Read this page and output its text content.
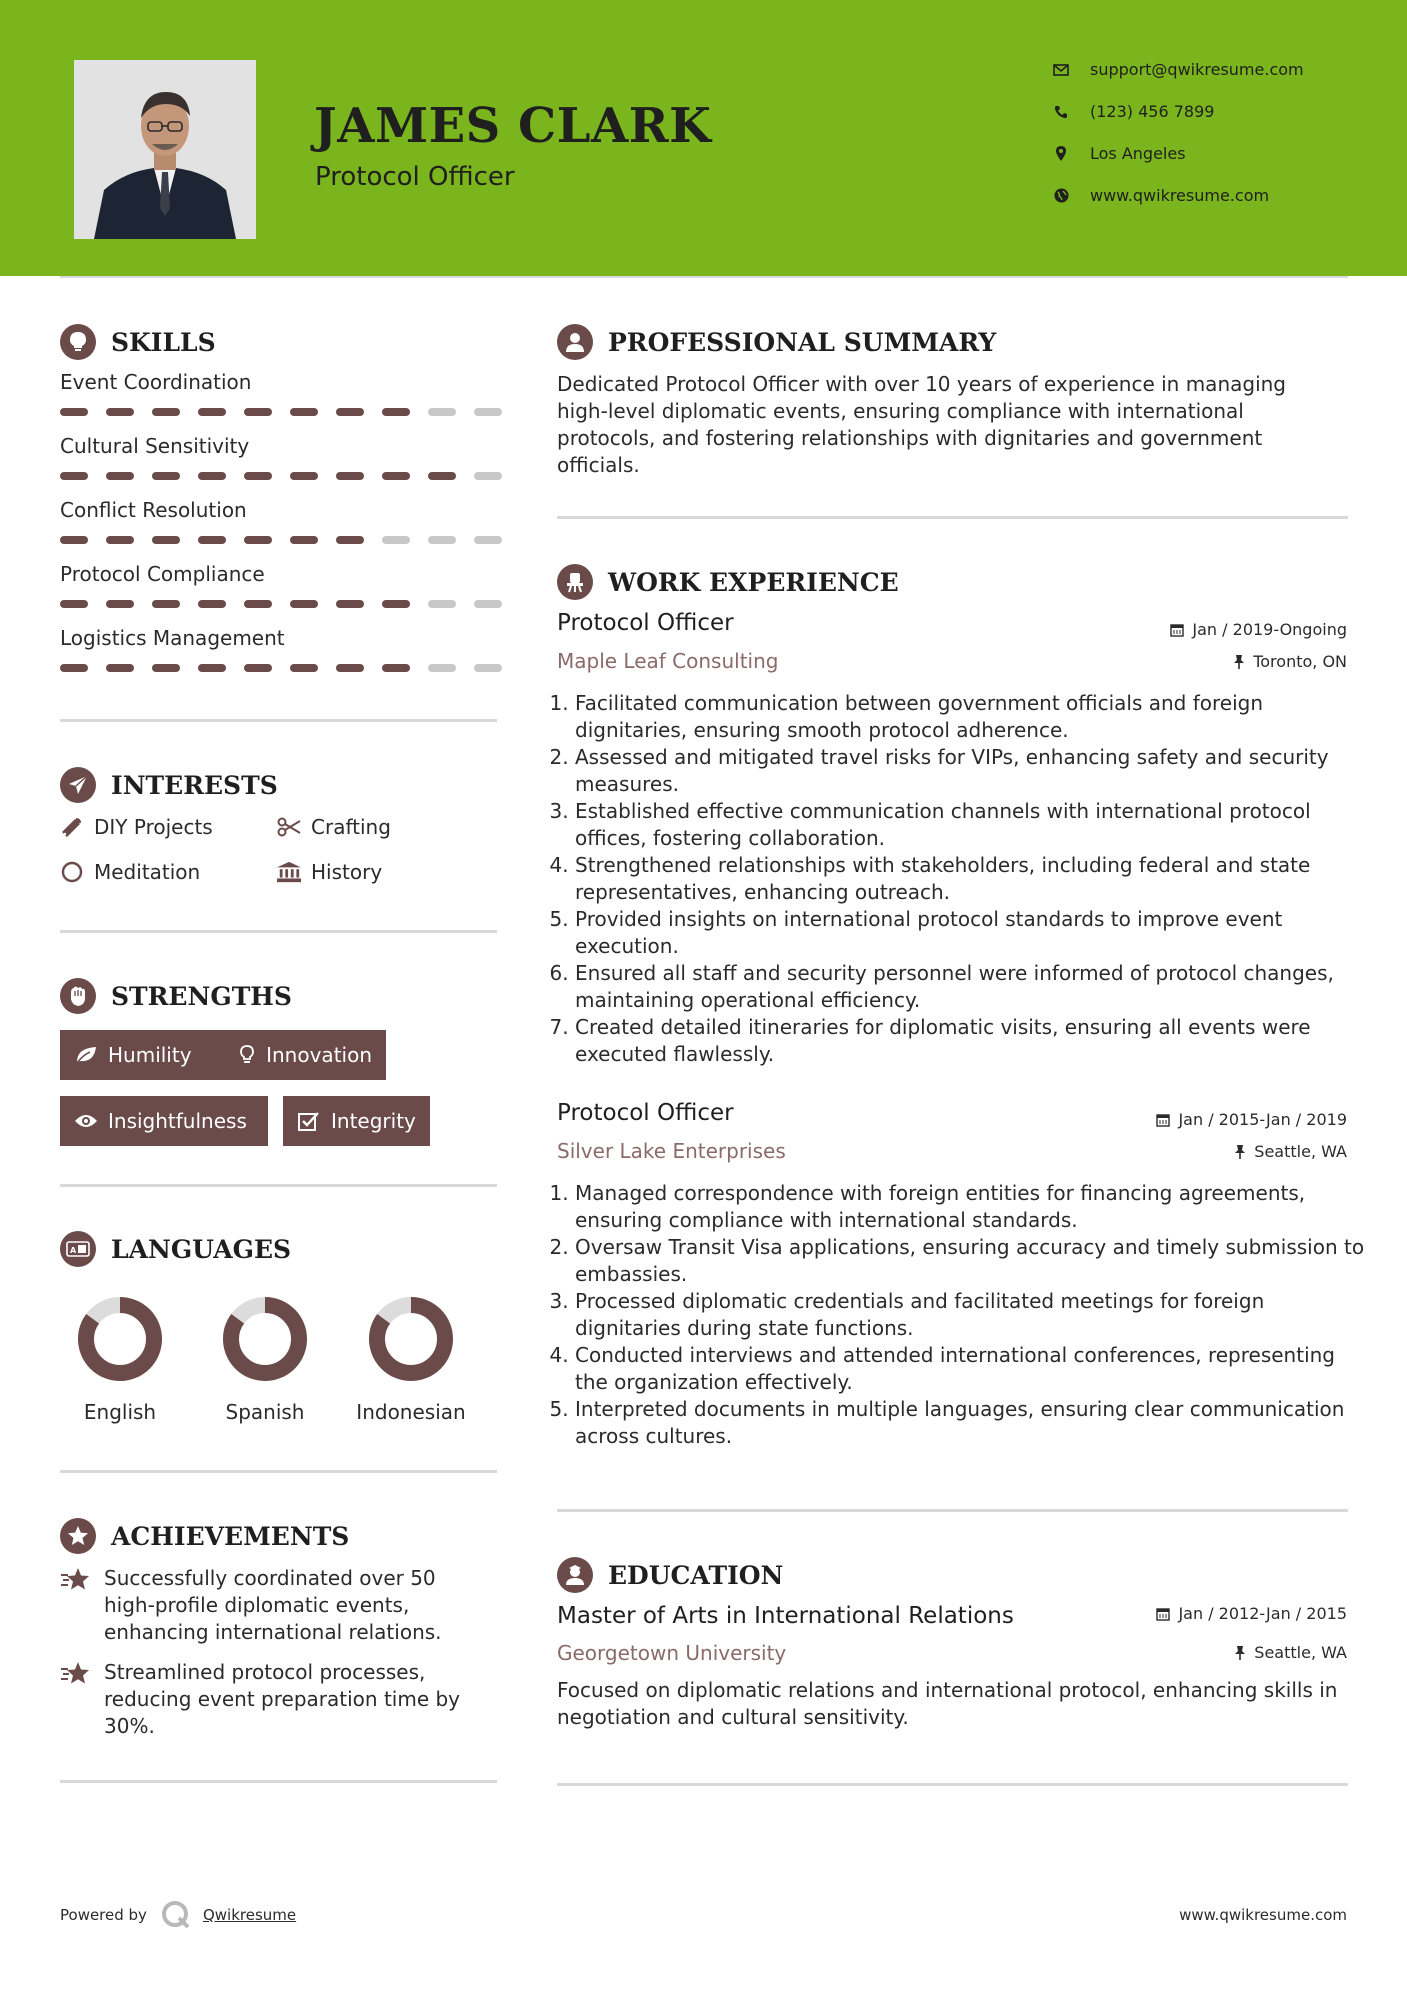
JAMES CLARK
Protocol Officer
support@qwikresume.com
(123) 456 7899
Los Angeles
www.qwikresume.com
SKILLS
Event Coordination
Cultural Sensitivity
Conflict Resolution
Protocol Compliance
Logistics Management
INTERESTS
DIY Projects	Crafting
Meditation	History
STRENGTHS
Humility	Innovation
Insightfulness	Integrity
A LANGUAGES
English	Spanish	Indonesian
ACHIEVEMENTS
Successfully coordinated over 50 high-profile diplomatic events, enhancing international relations.
Streamlined protocol processes, reducing event preparation time by 30%.
PROFESSIONAL SUMMARY
Dedicated Protocol Officer with over 10 years of experience in managing high-level diplomatic events, ensuring compliance with international protocols, and fostering relationships with dignitaries and government officials.
WORK EXPERIENCE
Protocol Officer	Jan / 2019-Ongoing
Maple Leaf Consulting	Toronto, ON
1. Facilitated communication between government officials and foreign dignitaries, ensuring smooth protocol adherence.
2. Assessed and mitigated travel risks for VIPs, enhancing safety and security measures.
3. Established effective communication channels with international protocol offices, fostering collaboration.
4. Strengthened relationships with stakeholders, including federal and state representatives, enhancing outreach.
5. Provided insights on international protocol standards to improve event execution.
6. Ensured all staff and security personnel were informed of protocol changes, maintaining operational efficiency.
7. Created detailed itineraries for diplomatic visits, ensuring all events were executed flawlessly.
Protocol Officer	Jan / 2015-Jan / 2019
Silver Lake Enterprises	Seattle, WA
1. Managed correspondence with foreign entities for financing agreements, ensuring compliance with international standards.
2. Oversaw Transit Visa applications, ensuring accuracy and timely submission to embassies.
3. Processed diplomatic credentials and facilitated meetings for foreign dignitaries during state functions.
4. Conducted interviews and attended international conferences, representing the organization effectively.
5. Interpreted documents in multiple languages, ensuring clear communication across cultures.
EDUCATION
Master of Arts in International Relations	Jan / 2012-Jan / 2015
Georgetown University	Seattle, WA
Focused on diplomatic relations and international protocol, enhancing skills in negotiation and cultural sensitivity.
Powered by	Qwikresume	www.qwikresume.com
